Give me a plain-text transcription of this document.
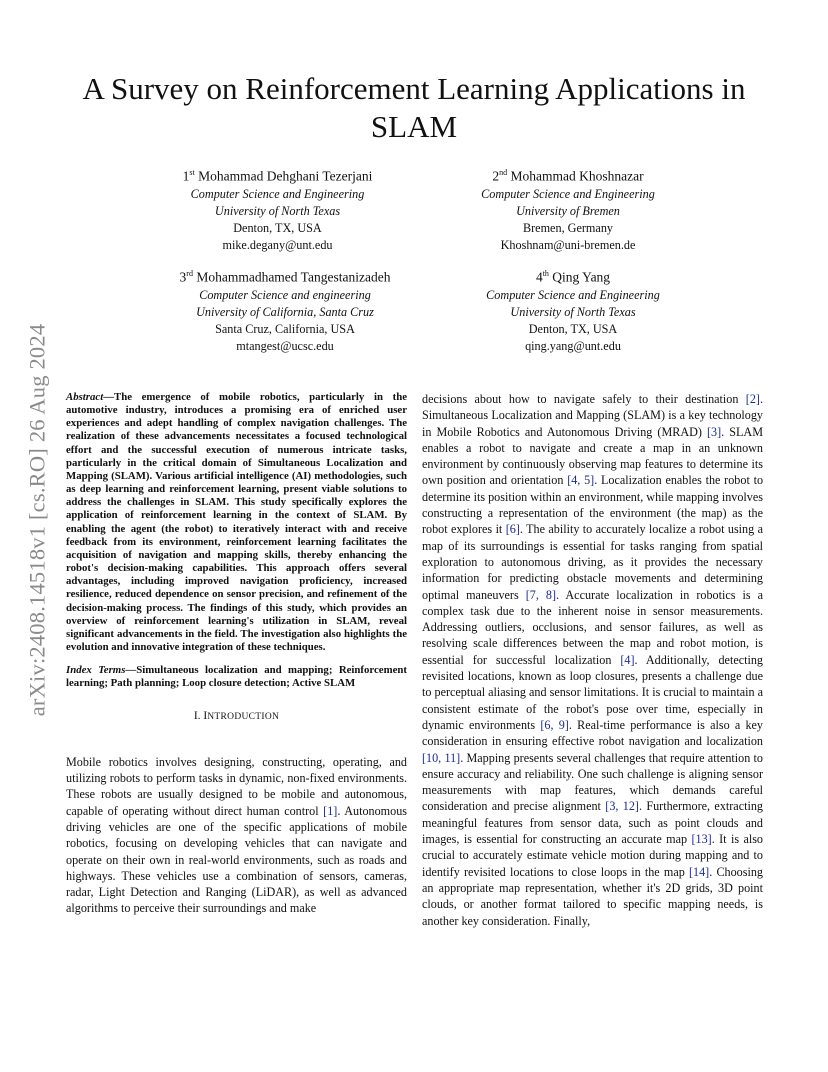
arXiv:2408.14518v1 [cs.RO] 26 Aug 2024
A Survey on Reinforcement Learning Applications in SLAM
1st Mohammad Dehghani Tezerjani
Computer Science and Engineering
University of North Texas
Denton, TX, USA
mike.degany@unt.edu
2nd Mohammad Khoshnazar
Computer Science and Engineering
University of Bremen
Bremen, Germany
Khoshnam@uni-bremen.de
3rd Mohammadhamed Tangestanizadeh
Computer Science and engineering
University of California, Santa Cruz
Santa Cruz, California, USA
mtangest@ucsc.edu
4th Qing Yang
Computer Science and Engineering
University of North Texas
Denton, TX, USA
qing.yang@unt.edu

Abstract—The emergence of mobile robotics, particularly in the automotive industry, introduces a promising era of enriched user experiences and adept handling of complex navigation challenges. The realization of these advancements necessitates a focused technological effort and the successful execution of numerous intricate tasks, particularly in the critical domain of Simultaneous Localization and Mapping (SLAM). Various artificial intelligence (AI) methodologies, such as deep learning and reinforcement learning, present viable solutions to address the challenges in SLAM. This study specifically explores the application of reinforcement learning in the context of SLAM. By enabling the agent (the robot) to iteratively interact with and receive feedback from its environment, reinforcement learning facilitates the acquisition of navigation and mapping skills, thereby enhancing the robot's decision-making capabilities. This approach offers several advantages, including improved navigation proficiency, increased resilience, reduced dependence on sensor precision, and refinement of the decision-making process. The findings of this study, which provides an overview of reinforcement learning's utilization in SLAM, reveal significant advancements in the field. The investigation also highlights the evolution and innovative integration of these techniques.

Index Terms—Simultaneous localization and mapping; Reinforcement learning; Path planning; Loop closure detection; Active SLAM

I. INTRODUCTION

Mobile robotics involves designing, constructing, operating, and utilizing robots to perform tasks in dynamic, non-fixed environments. These robots are usually designed to be mobile and autonomous, capable of operating without direct human control [1]. Autonomous driving vehicles are one of the specific applications of mobile robotics, focusing on developing vehicles that can navigate and operate on their own in real-world environments, such as roads and highways. These vehicles use a combination of sensors, cameras, radar, Light Detection and Ranging (LiDAR), as well as advanced algorithms to perceive their surroundings and make

decisions about how to navigate safely to their destination [2]. Simultaneous Localization and Mapping (SLAM) is a key technology in Mobile Robotics and Autonomous Driving (MRAD) [3]. SLAM enables a robot to navigate and create a map in an unknown environment by continuously observing map features to determine its own position and orientation [4, 5]. Localization enables the robot to determine its position within an environment, while mapping involves constructing a representation of the environment (the map) as the robot explores it [6]. The ability to accurately localize a robot using a map of its surroundings is essential for tasks ranging from spatial exploration to autonomous driving, as it provides the necessary information for predicting obstacle movements and determining optimal maneuvers [7, 8]. Accurate localization in robotics is a complex task due to the inherent noise in sensor measurements. Addressing outliers, occlusions, and sensor failures, as well as resolving scale differences between the map and robot motion, is essential for successful localization [4]. Additionally, detecting revisited locations, known as loop closures, presents a challenge due to perceptual aliasing and sensor limitations. It is crucial to maintain a consistent estimate of the robot's pose over time, especially in dynamic environments [6, 9]. Real-time performance is also a key consideration in ensuring effective robot navigation and localization [10, 11]. Mapping presents several challenges that require attention to ensure accuracy and reliability. One such challenge is aligning sensor measurements with map features, which demands careful consideration and precise alignment [3, 12]. Furthermore, extracting meaningful features from sensor data, such as point clouds and images, is essential for constructing an accurate map [13]. It is also crucial to accurately estimate vehicle motion during mapping and to identify revisited locations to close loops in the map [14]. Choosing an appropriate map representation, whether it's 2D grids, 3D point clouds, or another format tailored to specific mapping needs, is another key consideration. Finally,
